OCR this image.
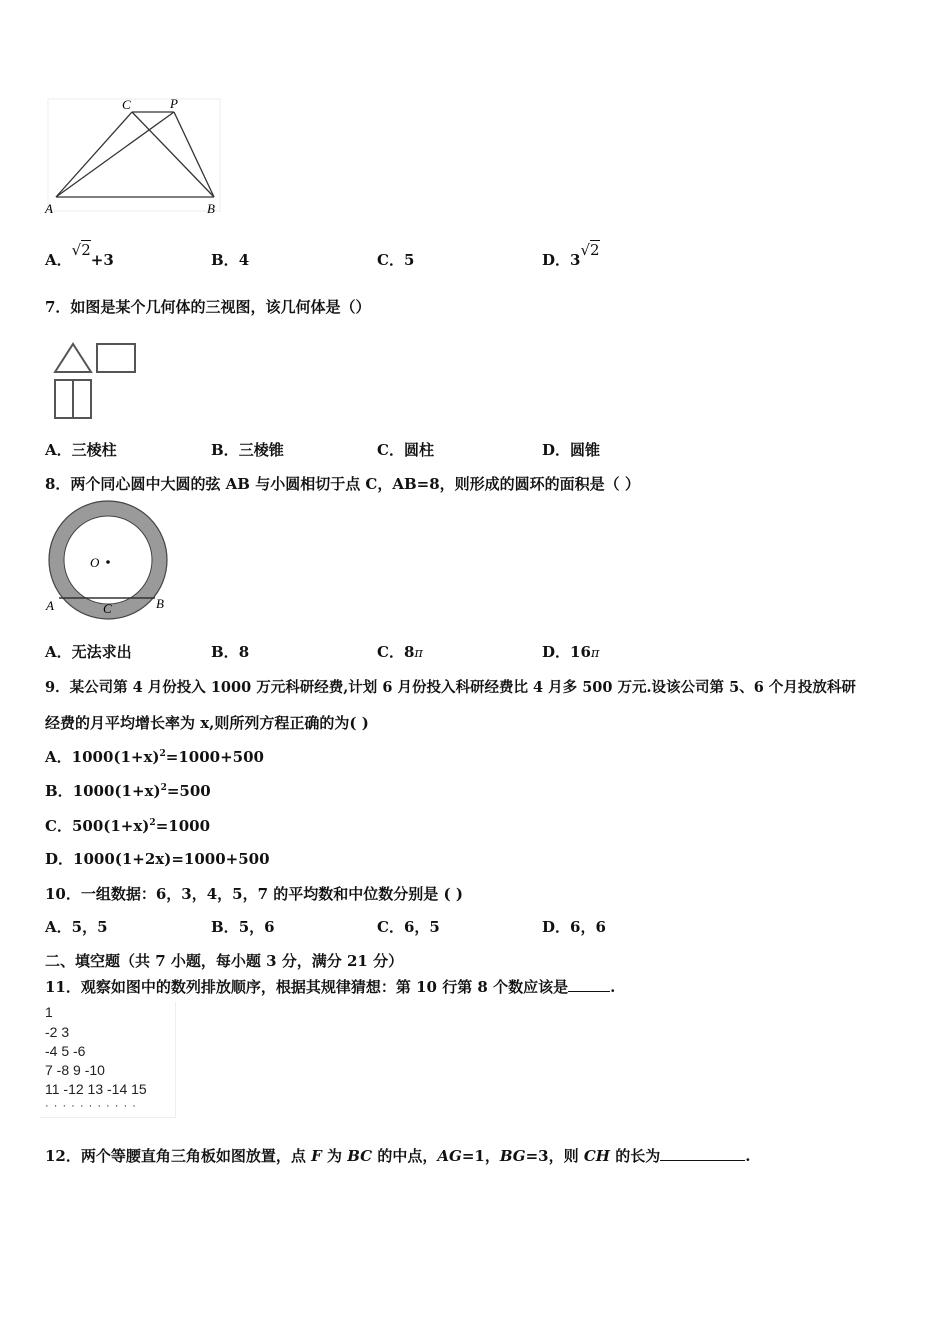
C	P
A	B
A．√2+3	B．4	C．5	D．3√2
7．如图是某个几何体的三视图，该几何体是（）
A．三棱柱	B．三棱锥	C．圆柱	D．圆锥
8．两个同心圆中大圆的弦 AB 与小圆相切于点 C，AB=8，则形成的圆环的面积是（ ）
O
A	B
C
A．无法求出	B．8	C．8π	D．16π
9．某公司第 4 月份投入 1000 万元科研经费,计划 6 月份投入科研经费比 4 月多 500 万元.设该公司第 5、6 个月投放科研
经费的月平均增长率为 x,则所列方程正确的为( )
A．$1000(1+x)^2=1000+500$
B．$1000(1+x)^2=500$
C．$500(1+x)^2=1000$
D．1000(1+2x)=1000+500
10．一组数据：6，3，4，5，7 的平均数和中位数分别是 ( )
A．5，5	B．5，6	C．6，5	D．6，6
二、填空题（共 7 小题，每小题 3 分，满分 21 分）
11．观察如图中的数列排放顺序，根据其规律猜想：第 10 行第 8 个数应该是	.
1
-2 3
-4 5 -6
7 -8 9 -10
11 -12 13 -14 15
· · · · · · · · · · ·
12．两个等腰直角三角板如图放置，点 F 为 BC 的中点，AG=1，BG=3，则 CH 的长为	.
